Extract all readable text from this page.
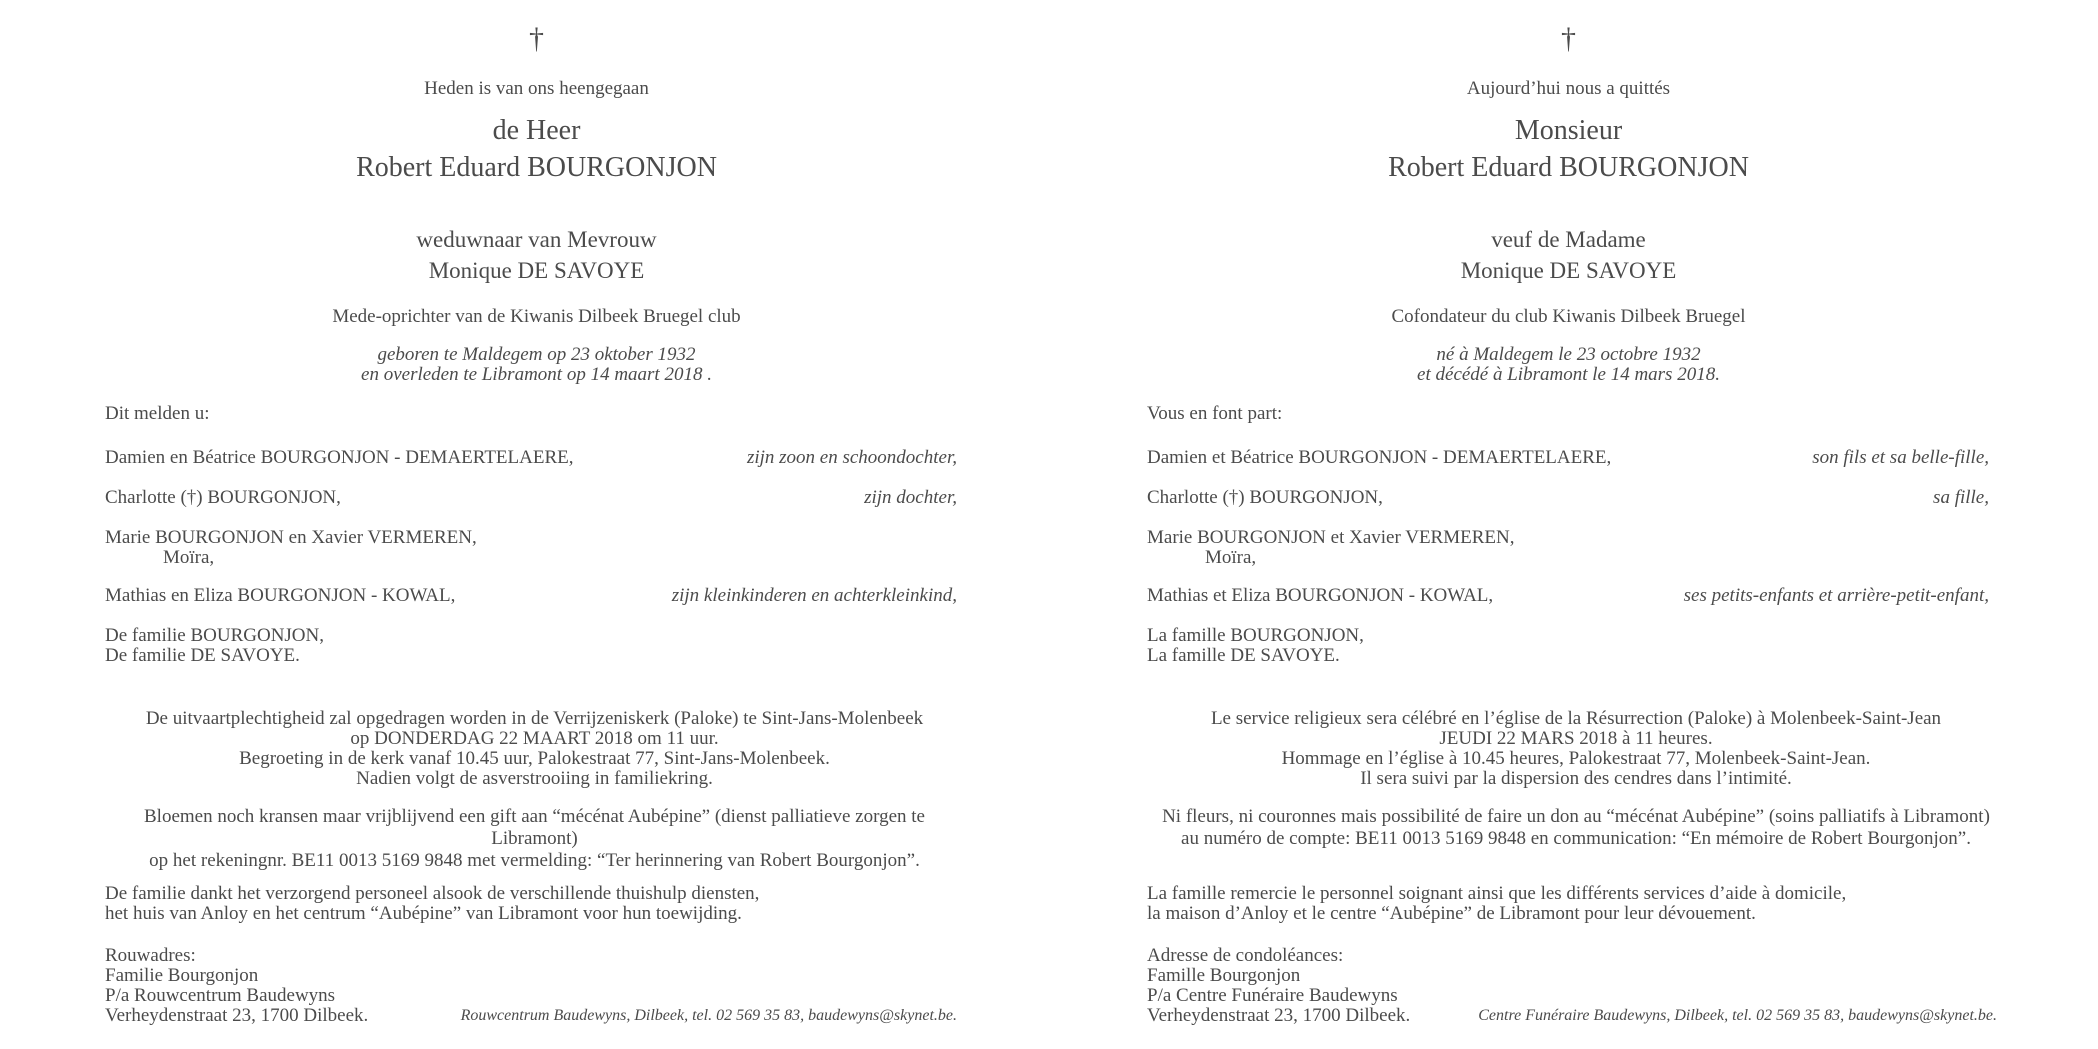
†
Heden is van ons heengegaan
de Heer
Robert Eduard BOURGONJON
weduwnaar van Mevrouw
Monique DE SAVOYE
Mede-oprichter van de Kiwanis Dilbeek Bruegel club
geboren te Maldegem op 23 oktober 1932
en overleden te Libramont op 14 maart 2018 .
Dit melden u:
Damien en Béatrice BOURGONJON - DEMAERTELAERE,	zijn zoon en schoondochter,
Charlotte (†) BOURGONJON,	zijn dochter,
Marie BOURGONJON en Xavier VERMEREN,
Moïra,
Mathias en Eliza BOURGONJON - KOWAL,	zijn kleinkinderen en achterkleinkind,
De familie BOURGONJON,
De familie DE SAVOYE.
De uitvaartplechtigheid zal opgedragen worden in de Verrijzeniskerk (Paloke) te Sint-Jans-Molenbeek
op DONDERDAG 22 MAART 2018 om 11 uur.
Begroeting in de kerk vanaf 10.45 uur, Palokestraat 77, Sint-Jans-Molenbeek.
Nadien volgt de asverstrooiing in familiekring.
Bloemen noch kransen maar vrijblijvend een gift aan “mécénat Aubépine” (dienst palliatieve zorgen te Libramont)
op het rekeningnr. BE11 0013 5169 9848 met vermelding: “Ter herinnering van Robert Bourgonjon”.
De familie dankt het verzorgend personeel alsook de verschillende thuishulp diensten,
het huis van Anloy en het centrum “Aubépine” van Libramont voor hun toewijding.
Rouwadres:
Familie Bourgonjon
P/a Rouwcentrum Baudewyns
Verheydenstraat 23, 1700 Dilbeek.	Rouwcentrum Baudewyns, Dilbeek, tel. 02 569 35 83, baudewyns@skynet.be.
†
Aujourd’hui nous a quittés
Monsieur
Robert Eduard BOURGONJON
veuf de Madame
Monique DE SAVOYE
Cofondateur du club Kiwanis Dilbeek Bruegel
né à Maldegem le 23 octobre 1932
et décédé à Libramont le 14 mars 2018.
Vous en font part:
Damien et Béatrice BOURGONJON - DEMAERTELAERE,	son fils et sa belle-fille,
Charlotte (†) BOURGONJON,	sa fille,
Marie BOURGONJON et Xavier VERMEREN,
Moïra,
Mathias et Eliza BOURGONJON - KOWAL,	ses petits-enfants et arrière-petit-enfant,
La famille BOURGONJON,
La famille DE SAVOYE.
Le service religieux sera célébré en l’église de la Résurrection (Paloke) à Molenbeek-Saint-Jean
JEUDI 22 MARS 2018 à 11 heures.
Hommage en l’église à 10.45 heures, Palokestraat 77, Molenbeek-Saint-Jean.
Il sera suivi par la dispersion des cendres dans l’intimité.
Ni fleurs, ni couronnes mais possibilité de faire un don au “mécénat Aubépine” (soins palliatifs à Libramont)
au numéro de compte: BE11 0013 5169 9848 en communication: “En mémoire de Robert Bourgonjon”.
La famille remercie le personnel soignant ainsi que les différents services d’aide à domicile,
la maison d’Anloy et le centre “Aubépine” de Libramont pour leur dévouement.
Adresse de condoléances:
Famille Bourgonjon
P/a Centre Funéraire Baudewyns
Verheydenstraat 23, 1700 Dilbeek.	Centre Funéraire Baudewyns, Dilbeek, tel. 02 569 35 83, baudewyns@skynet.be.
